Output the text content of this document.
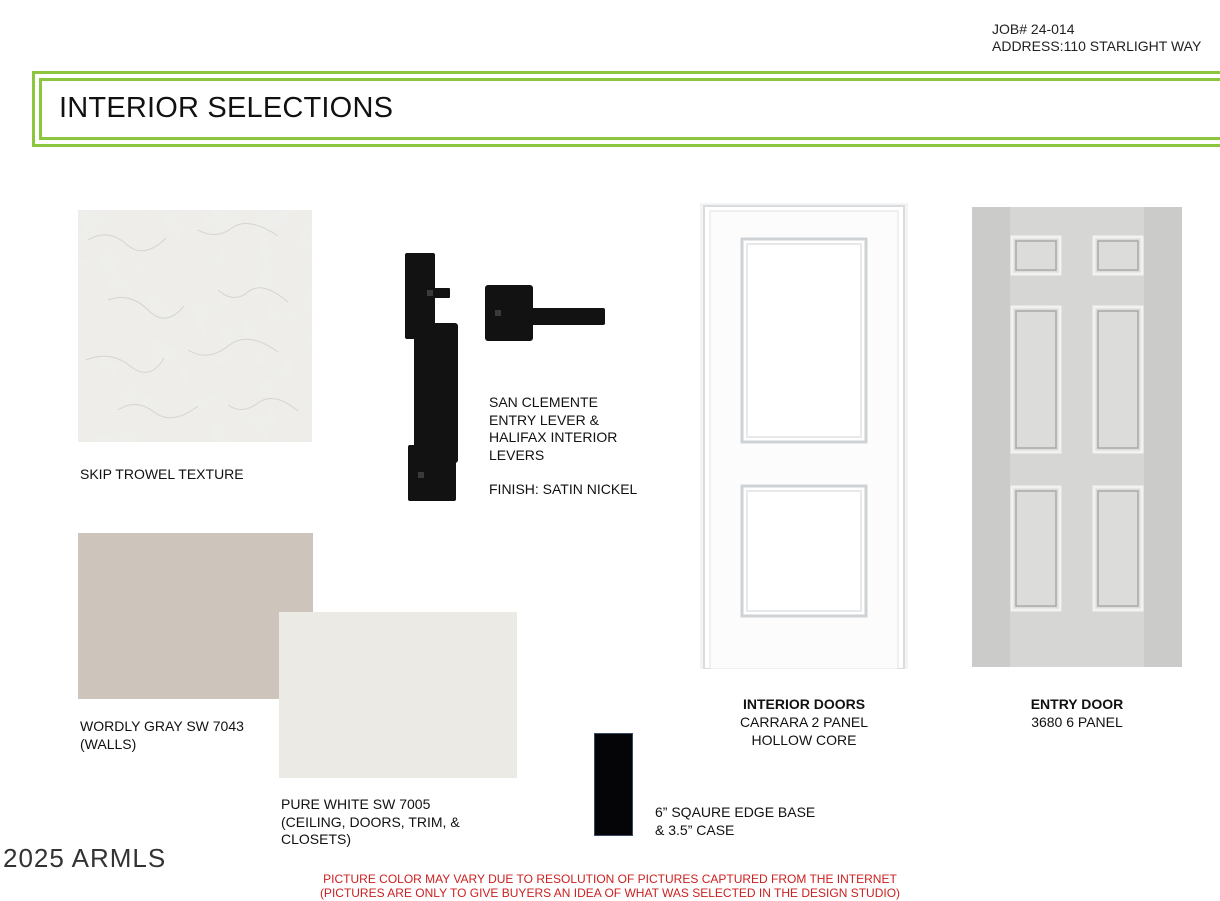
JOB# 24-014
ADDRESS:110 STARLIGHT WAY
INTERIOR SELECTIONS
SKIP TROWEL TEXTURE
SAN CLEMENTE
ENTRY LEVER &
HALIFAX INTERIOR
LEVERS
FINISH: SATIN NICKEL
INTERIOR DOORS
CARRARA 2 PANEL
HOLLOW CORE
ENTRY DOOR
3680 6 PANEL
WORDLY GRAY SW 7043
(WALLS)
PURE WHITE SW 7005
(CEILING, DOORS, TRIM, &
CLOSETS)
6” SQAURE EDGE BASE
& 3.5” CASE
2025 ARMLS
PICTURE COLOR MAY VARY DUE TO RESOLUTION OF PICTURES CAPTURED FROM THE INTERNET
(PICTURES ARE ONLY TO GIVE BUYERS AN IDEA OF WHAT WAS SELECTED IN THE DESIGN STUDIO)
